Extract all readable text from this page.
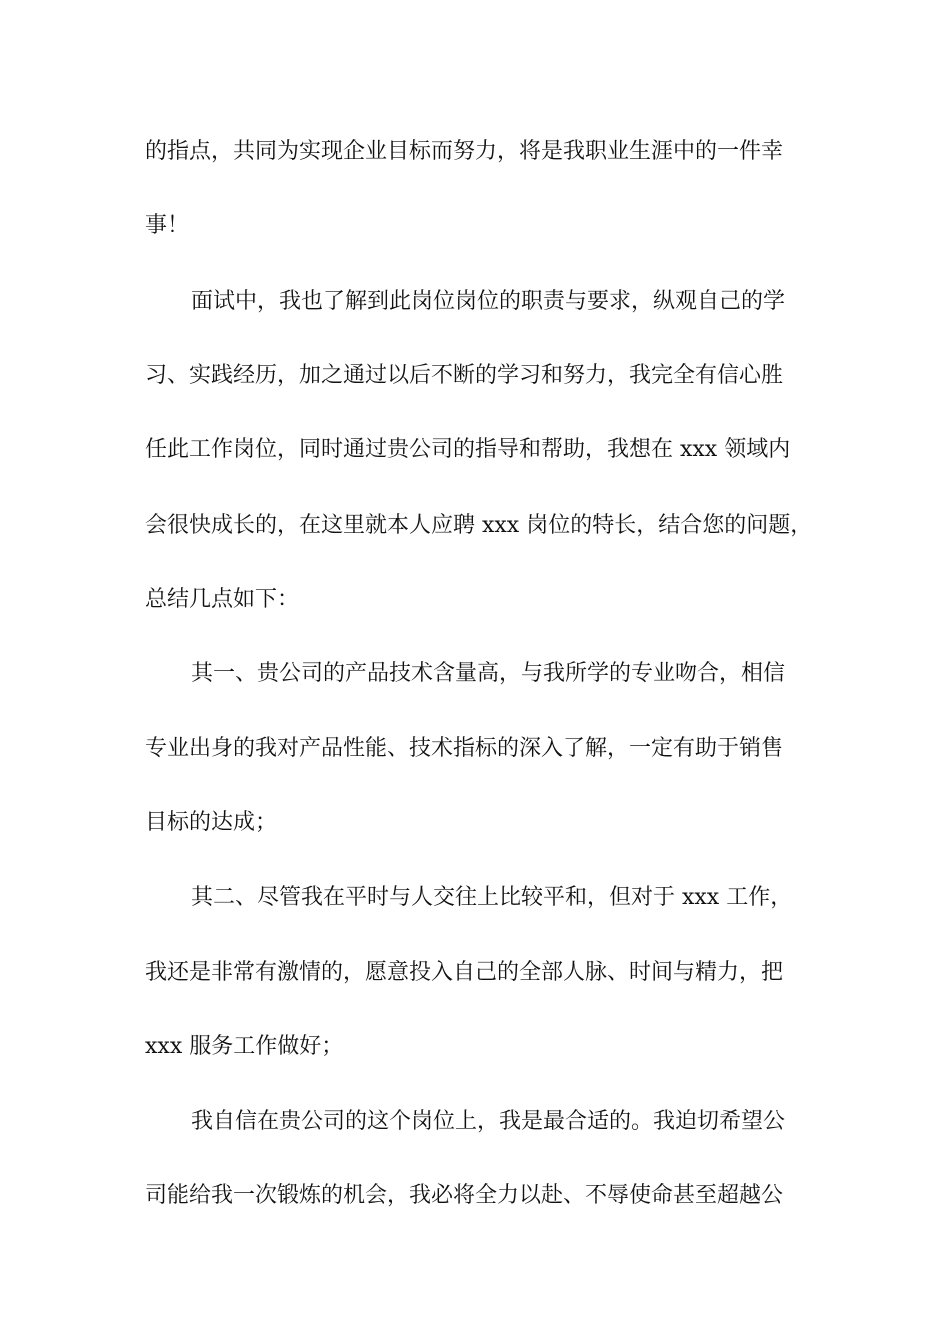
的指点，共同为实现企业目标而努力，将是我职业生涯中的一件幸

事！

面试中，我也了解到此岗位岗位的职责与要求，纵观自己的学

习、实践经历，加之通过以后不断的学习和努力，我完全有信心胜

任此工作岗位，同时通过贵公司的指导和帮助，我想在 xxx 领域内

会很快成长的，在这里就本人应聘 xxx 岗位的特长，结合您的问题，

总结几点如下：

其一、贵公司的产品技术含量高，与我所学的专业吻合，相信

专业出身的我对产品性能、技术指标的深入了解，一定有助于销售

目标的达成；

其二、尽管我在平时与人交往上比较平和，但对于 xxx 工作，

我还是非常有激情的，愿意投入自己的全部人脉、时间与精力，把

xxx 服务工作做好；

我自信在贵公司的这个岗位上，我是最合适的。我迫切希望公

司能给我一次锻炼的机会，我必将全力以赴、不辱使命甚至超越公
